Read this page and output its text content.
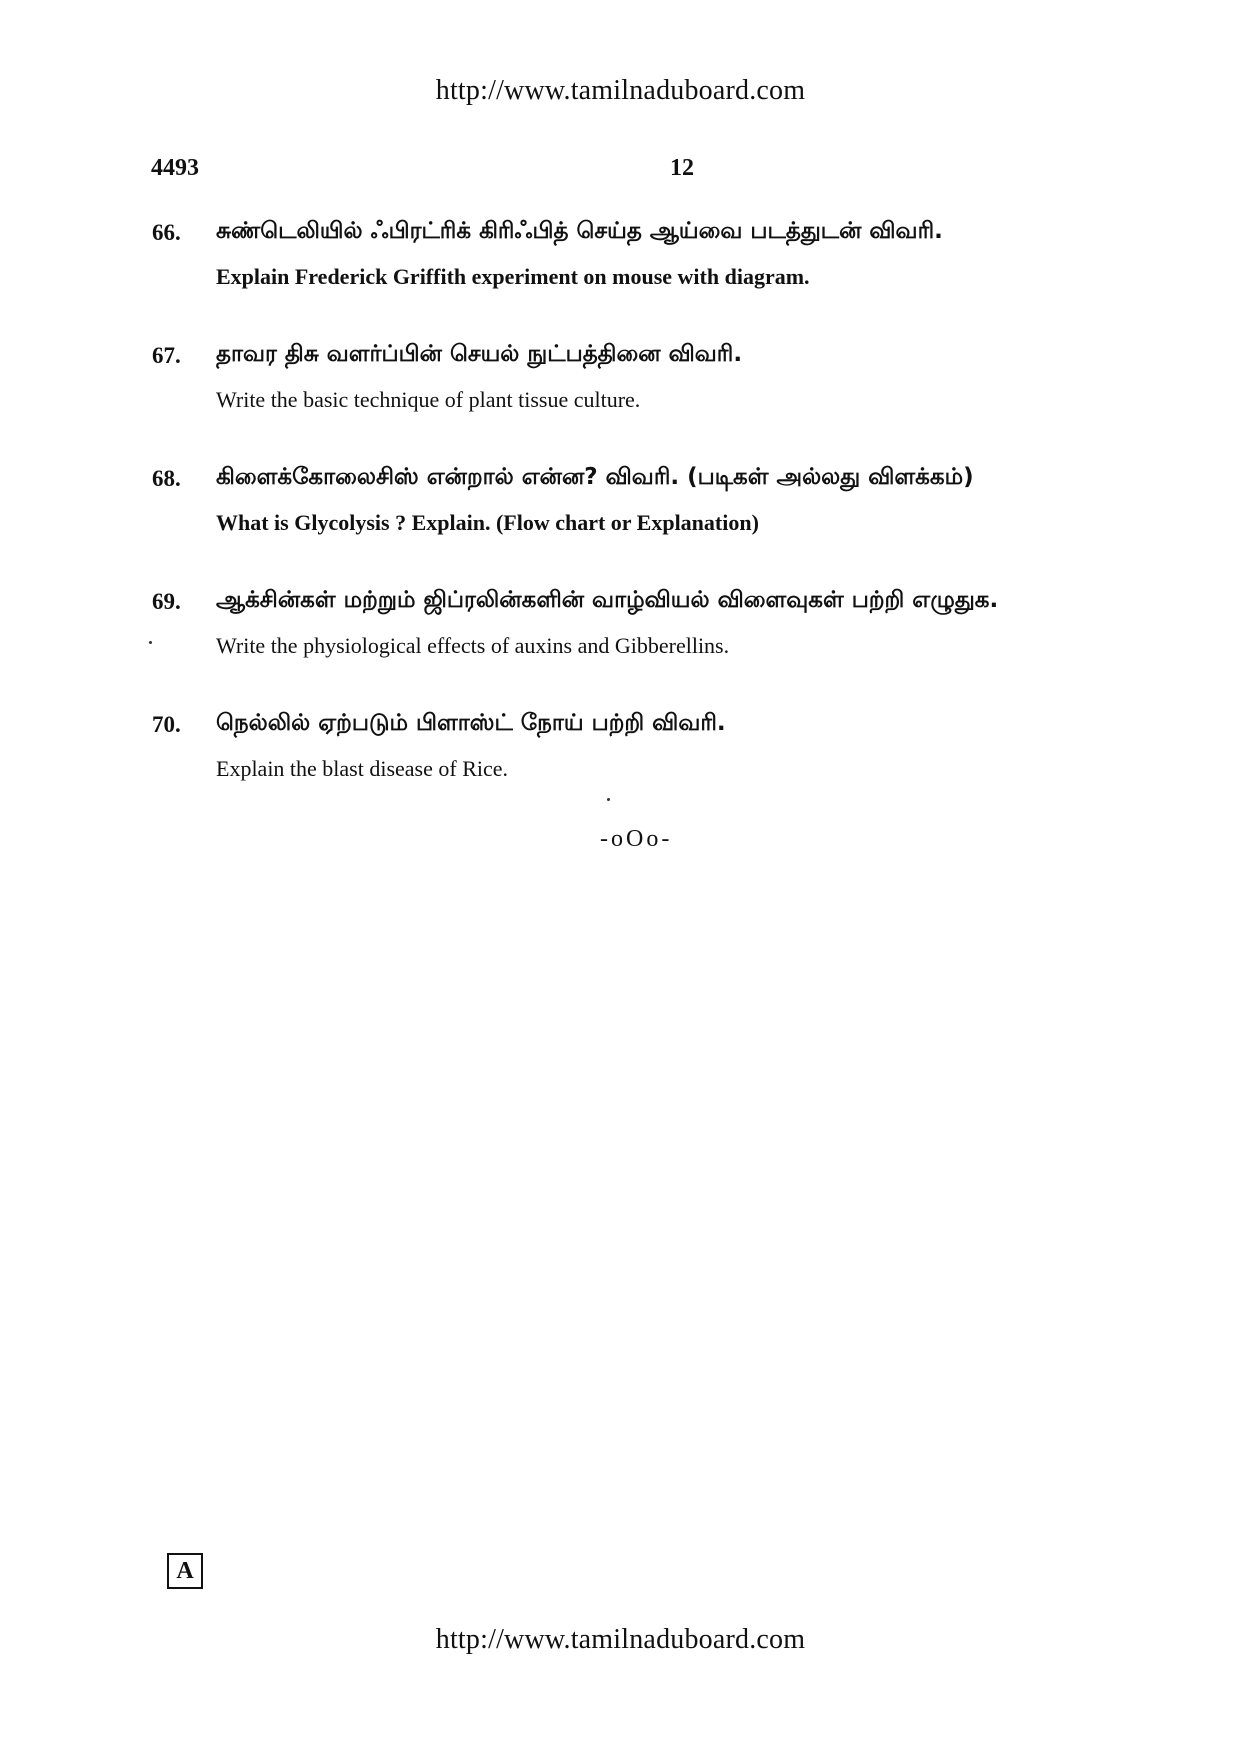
http://www.tamilnaduboard.com
4493	12
66.	சுண்டெலியில் ஃபிரட்ரிக் கிரிஃபித் செய்த ஆய்வை படத்துடன் விவரி.
Explain Frederick Griffith experiment on mouse with diagram.
67.	தாவர திசு வளர்ப்பின் செயல் நுட்பத்தினை விவரி.
Write the basic technique of plant tissue culture.
68.	கிளைக்கோலைசிஸ் என்றால் என்ன? விவரி. (படிகள் அல்லது விளக்கம்)
What is Glycolysis ? Explain. (Flow chart or Explanation)
69.	ஆக்சின்கள் மற்றும் ஜிப்ரலின்களின் வாழ்வியல் விளைவுகள் பற்றி எழுதுக.
Write the physiological effects of auxins and Gibberellins.
70.	நெல்லில் ஏற்படும் பிளாஸ்ட் நோய் பற்றி விவரி.
Explain the blast disease of Rice.
-oOo-
A
http://www.tamilnaduboard.com
